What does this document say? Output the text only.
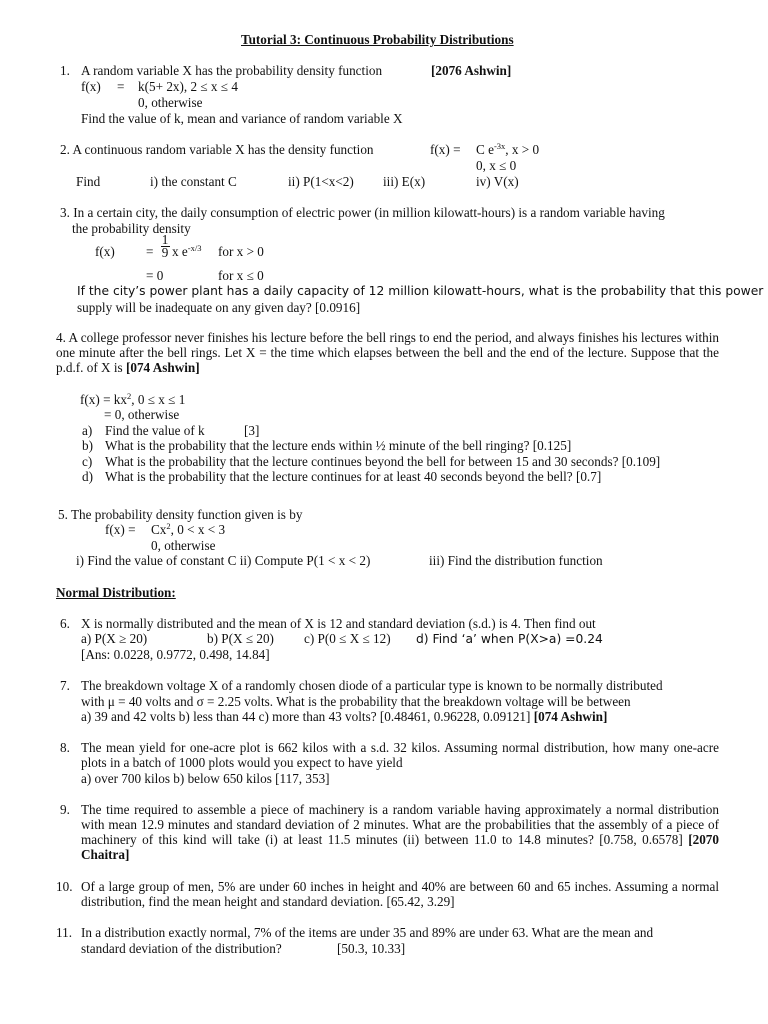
Tutorial 3: Continuous Probability Distributions
1. A random variable X has the probability density function	[2076 Ashwin]
f(x) = k(5+ 2x), 2 ≤ x ≤ 4
0, otherwise
Find the value of k, mean and variance of random variable X
2. A continuous random variable X has the density function	f(x) = C $e^{-3x}$, x > 0
0, x ≤ 0
Find	i) the constant C	ii) P(1<x<2) iii) E(x)	iv) V(x)
3. In a certain city, the daily consumption of electric power (in million kilowatt-hours) is a random variable having
the probability density
f(x) =
1
9 x $e^{-x/3}$ for x > 0
= 0	for x ≤ 0
If the city’s power plant has a daily capacity of 12 million kilowatt-hours, what is the probability that this power
supply will be inadequate on any given day? [0.0916]
4. A college professor never finishes his lecture before the bell rings to end the period, and always finishes his lectures within one minute after the bell rings. Let X = the time which elapses between the bell and the end of the lecture. Suppose that the p.d.f. of X is [074 Ashwin]
$f(x) = kx^2$, 0 ≤ x ≤ 1
= 0, otherwise
a) Find the value of k	[3]
b) What is the probability that the lecture ends within ½ minute of the bell ringing? [0.125]
c) What is the probability that the lecture continues beyond the bell for between 15 and 30 seconds? [0.109]
d) What is the probability that the lecture continues for at least 40 seconds beyond the bell? [0.7]
5. The probability density function given is by
$f(x) = Cx^2$, 0 < x < 3
0, otherwise
i) Find the value of constant C ii) Compute P(1 < x < 2)	iii) Find the distribution function
Normal Distribution:
6. X is normally distributed and the mean of X is 12 and standard deviation (s.d.) is 4. Then find out
a) P(X ≥ 20)	b) P(X ≤ 20) c) P(0 ≤ X ≤ 12) d) Find ‘a’ when P(X>a) =0.24
[Ans: 0.0228, 0.9772, 0.498, 14.84]
7. The breakdown voltage X of a randomly chosen diode of a particular type is known to be normally distributed
with μ = 40 volts and σ = 2.25 volts. What is the probability that the breakdown voltage will be between
a) 39 and 42 volts b) less than 44 c) more than 43 volts? [0.48461, 0.96228, 0.09121] [074 Ashwin]
8. The mean yield for one-acre plot is 662 kilos with a s.d. 32 kilos. Assuming normal distribution, how many one-acre plots in a batch of 1000 plots would you expect to have yield
a) over 700 kilos b) below 650 kilos [117, 353]
9. The time required to assemble a piece of machinery is a random variable having approximately a normal distribution with mean 12.9 minutes and standard deviation of 2 minutes. What are the probabilities that the assembly of a piece of machinery of this kind will take (i) at least 11.5 minutes (ii) between 11.0 to 14.8 minutes? [0.758, 0.6578] [2070 Chaitra]
10. Of a large group of men, 5% are under 60 inches in height and 40% are between 60 and 65 inches. Assuming a normal distribution, find the mean height and standard deviation. [65.42, 3.29]
11. In a distribution exactly normal, 7% of the items are under 35 and 89% are under 63. What are the mean and
standard deviation of the distribution?	[50.3, 10.33]
